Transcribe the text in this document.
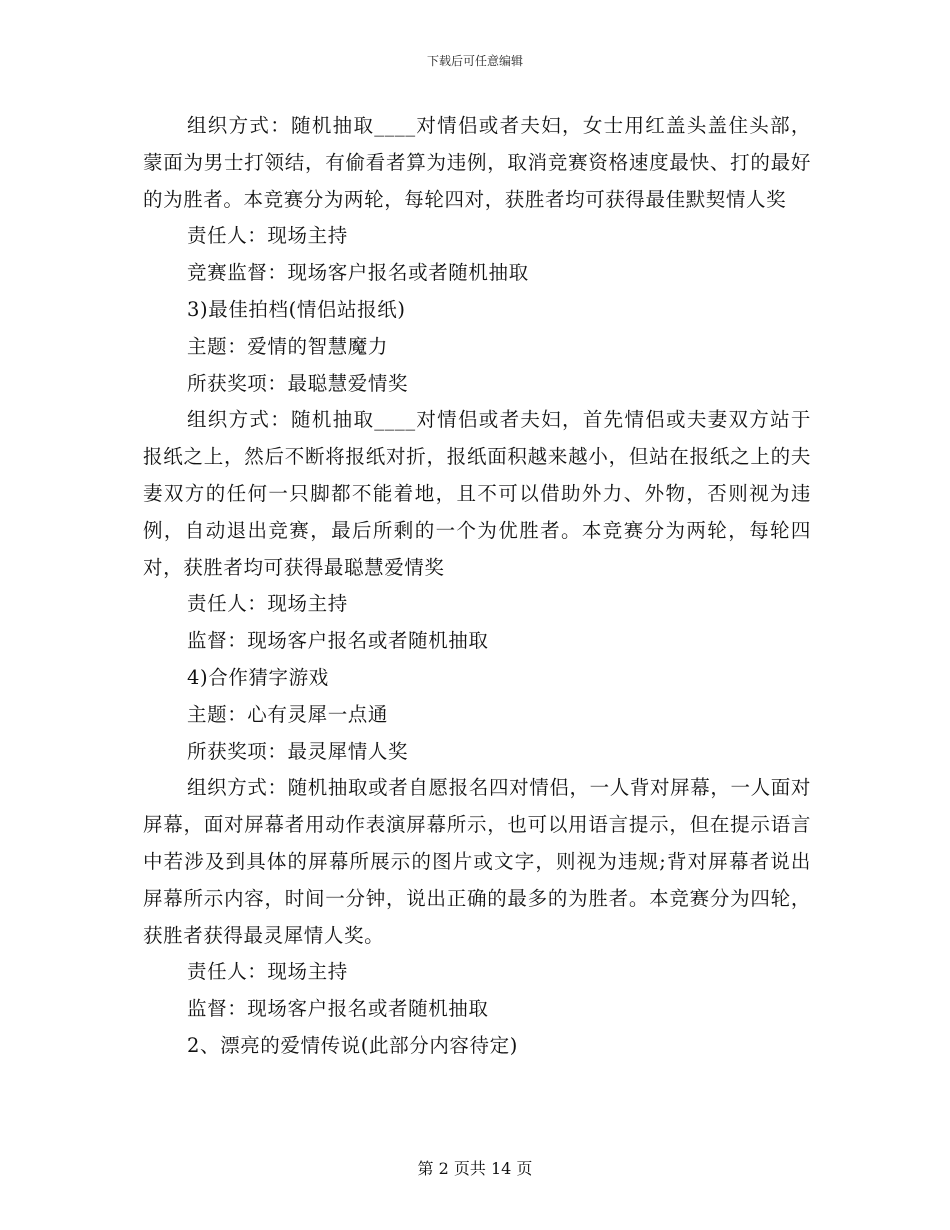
下载后可任意编辑

组织方式：随机抽取____对情侣或者夫妇，女士用红盖头盖住头部，蒙面为男士打领结，有偷看者算为违例，取消竞赛资格速度最快、打的最好的为胜者。本竞赛分为两轮，每轮四对，获胜者均可获得最佳默契情人奖

责任人：现场主持

竞赛监督：现场客户报名或者随机抽取

3)最佳拍档(情侣站报纸)

主题：爱情的智慧魔力

所获奖项：最聪慧爱情奖

组织方式：随机抽取____对情侣或者夫妇，首先情侣或夫妻双方站于报纸之上，然后不断将报纸对折，报纸面积越来越小，但站在报纸之上的夫妻双方的任何一只脚都不能着地，且不可以借助外力、外物，否则视为违例，自动退出竞赛，最后所剩的一个为优胜者。本竞赛分为两轮，每轮四对，获胜者均可获得最聪慧爱情奖

责任人：现场主持

监督：现场客户报名或者随机抽取

4)合作猜字游戏

主题：心有灵犀一点通

所获奖项：最灵犀情人奖

组织方式：随机抽取或者自愿报名四对情侣，一人背对屏幕，一人面对屏幕，面对屏幕者用动作表演屏幕所示，也可以用语言提示，但在提示语言中若涉及到具体的屏幕所展示的图片或文字，则视为违规;背对屏幕者说出屏幕所示内容，时间一分钟，说出正确的最多的为胜者。本竞赛分为四轮，获胜者获得最灵犀情人奖。

责任人：现场主持

监督：现场客户报名或者随机抽取

2、漂亮的爱情传说(此部分内容待定)

第 2 页共 14 页
